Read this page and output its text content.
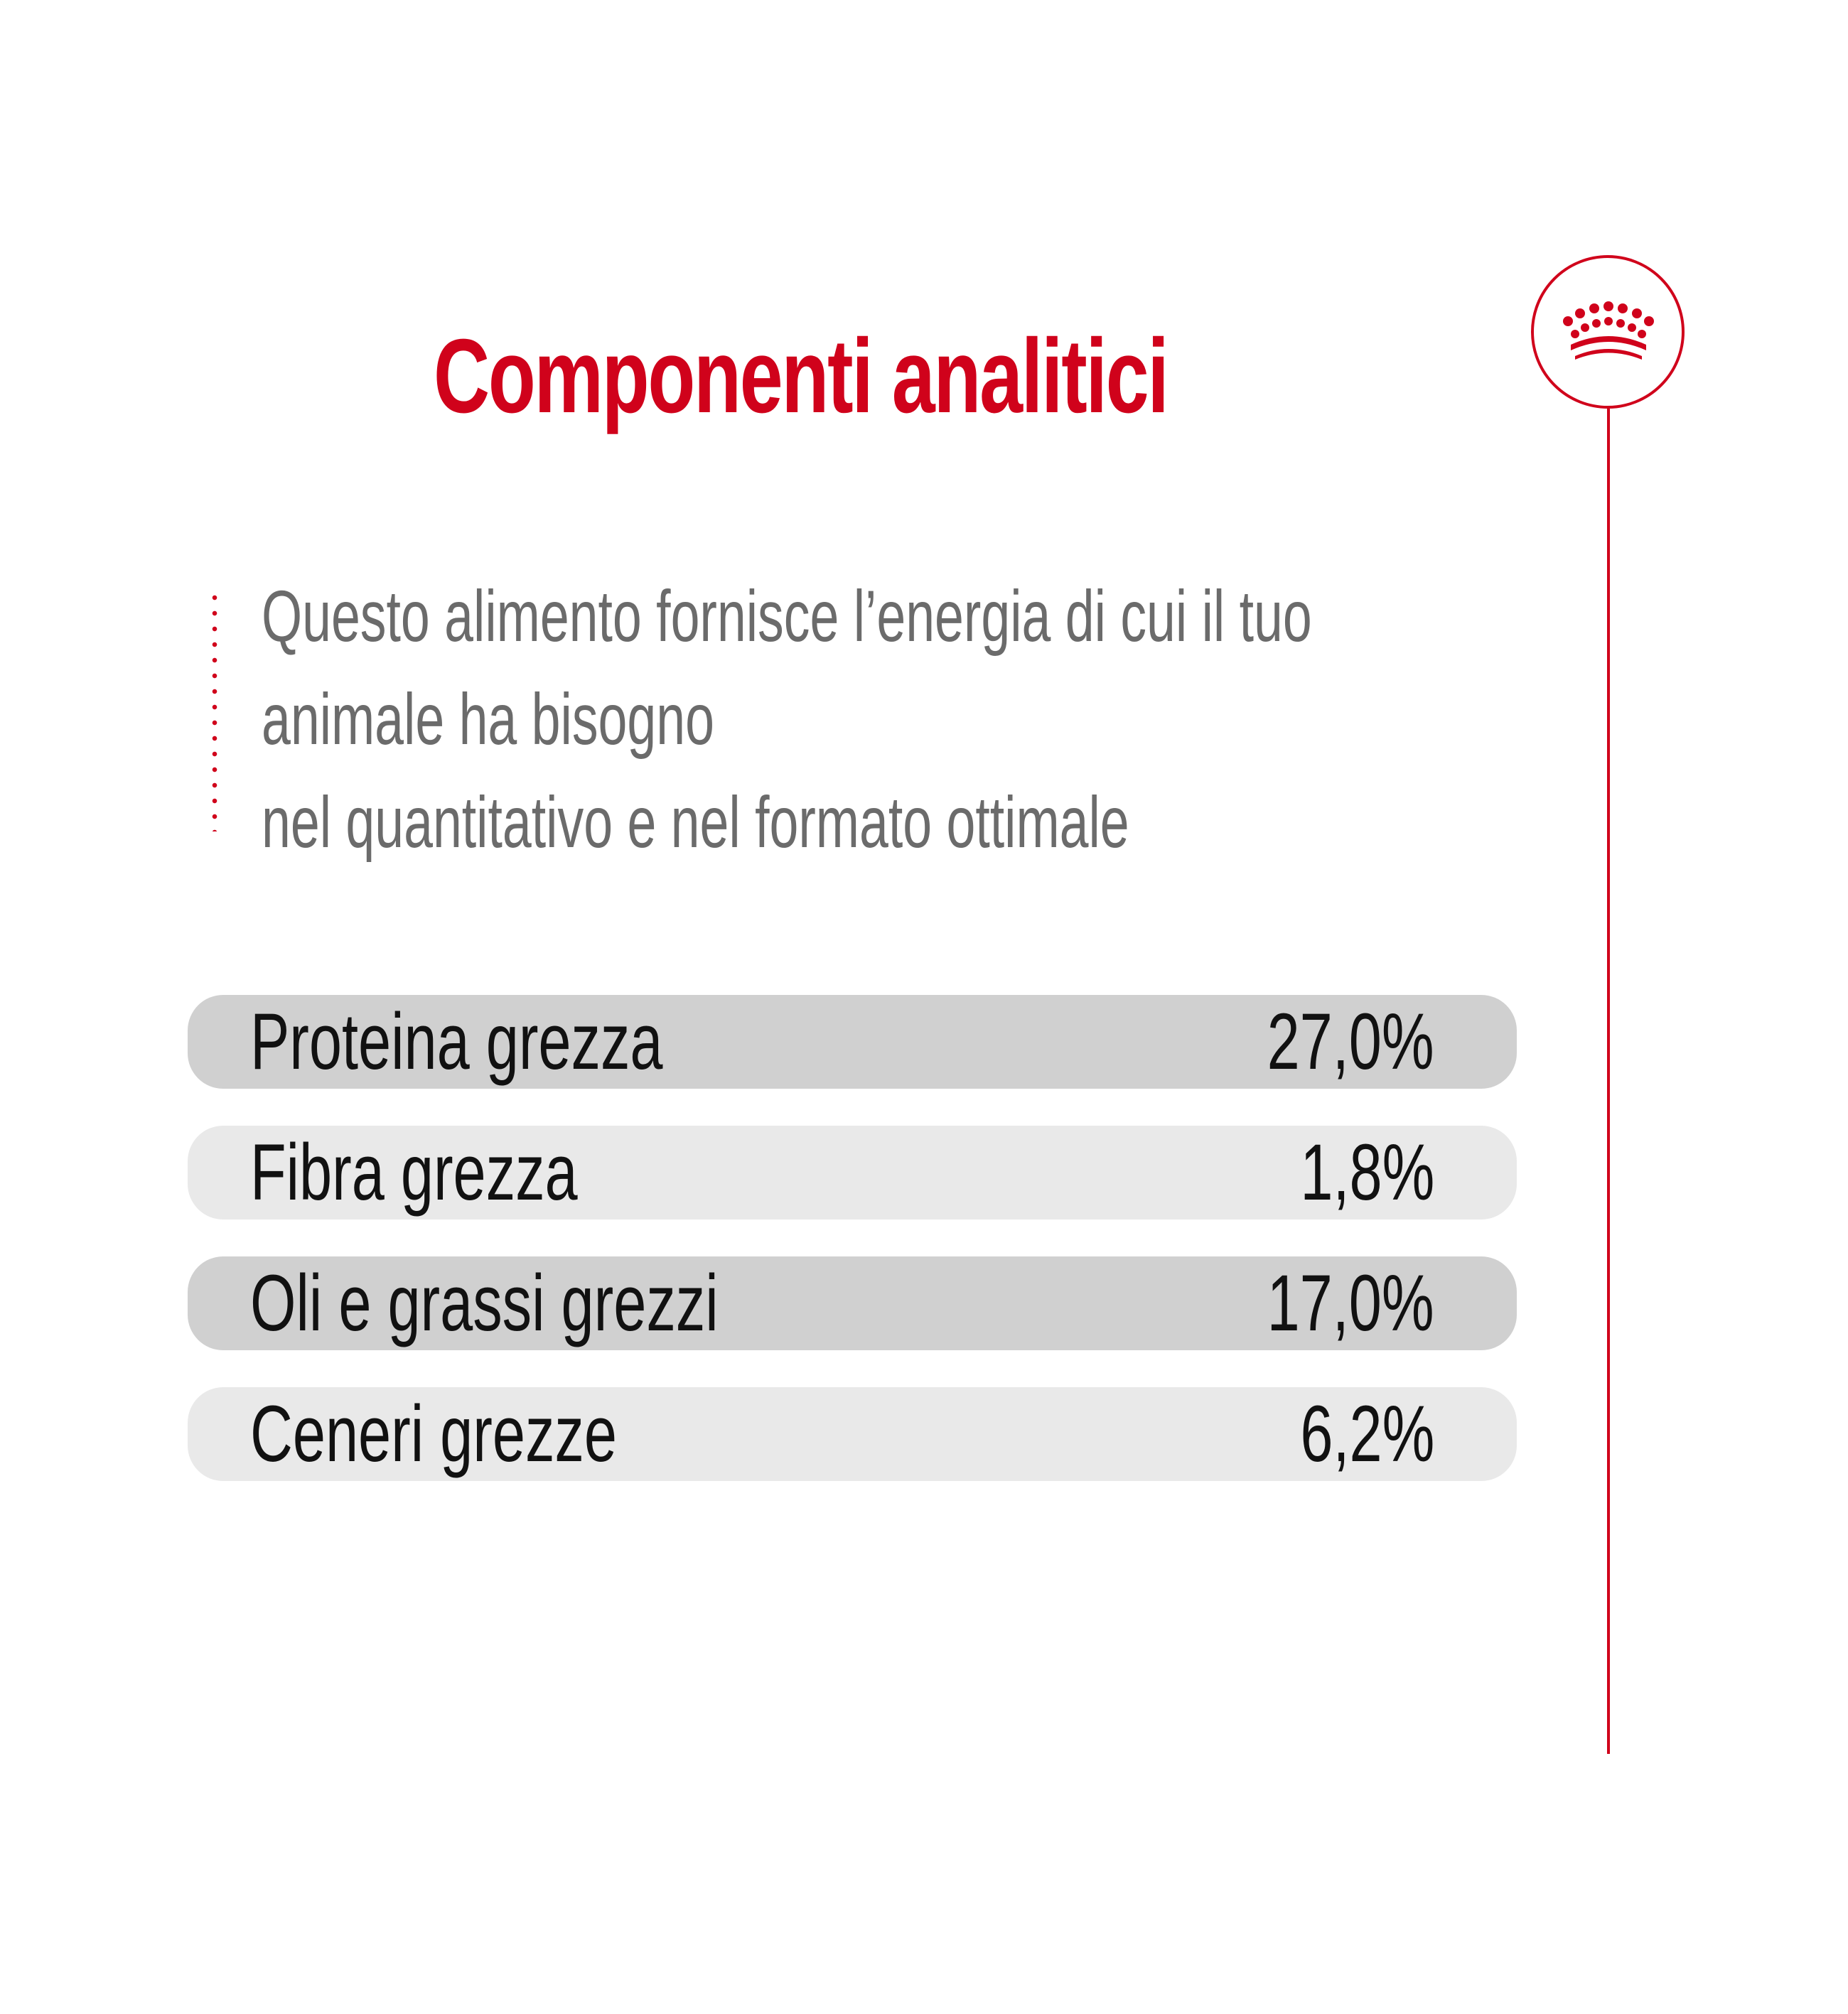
Componenti analitici
Questo alimento fornisce l’energia di cui il tuo
animale ha bisogno
nel quantitativo e nel formato ottimale
Proteina grezza	27,0%
Fibra grezza	1,8%
Oli e grassi grezzi	17,0%
Ceneri grezze	6,2%
